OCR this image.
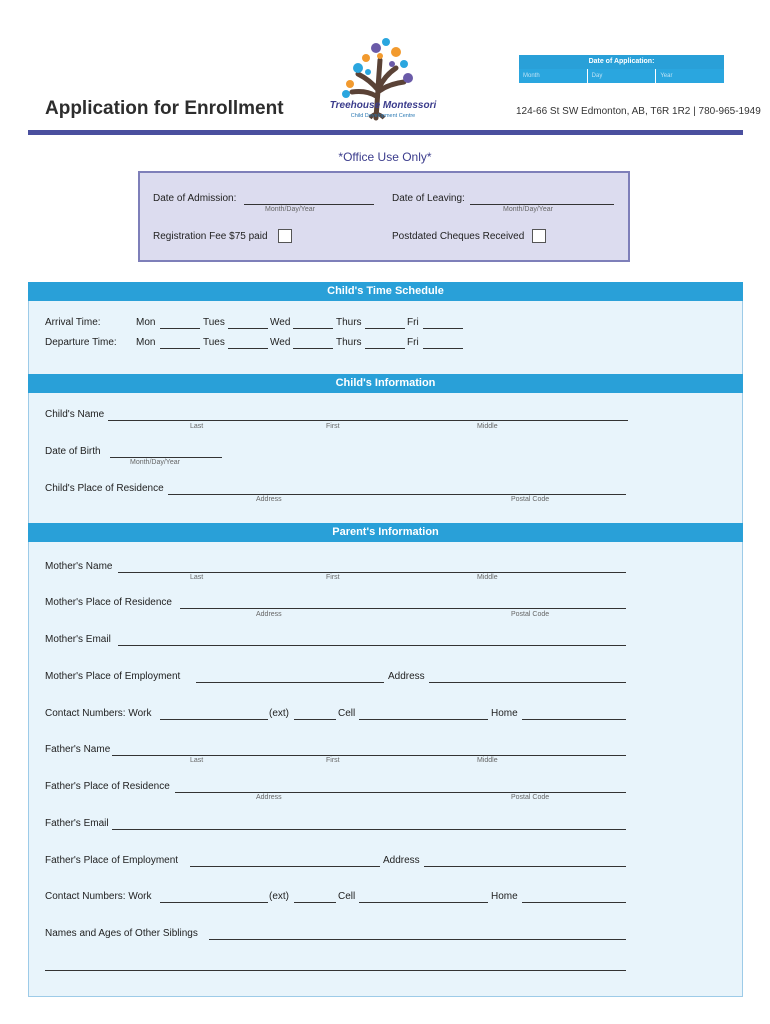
Application for Enrollment	Treehouse Montessori
Child Development Centre
Date of Application:
Month	Day	Year
124-66 St SW Edmonton, AB, T6R 1R2 | 780-965-1949
*Office Use Only*
Date of Admission:
Month/Day/Year
Date of Leaving:
Month/Day/Year
Registration Fee $75 paid	Postdated Cheques Received
Child's Time Schedule
Arrival Time:	Mon	Tues	Wed	Thurs	Fri
Departure Time: Mon	Tues	Wed	Thurs	Fri
Child's Information
Child's Name
Last	First	Middle
Date of Birth
Month/Day/Year
Child's Place of Residence
Address	Postal Code
Parent's Information
Mother's Name
Last	First	Middle
Mother's Place of Residence
Address	Postal Code
Mother's Email
Mother's Place of Employment	Address
Contact Numbers: Work	(ext)	Cell	Home
Father's Name
Last	First	Middle
Father's Place of Residence
Address	Postal Code
Father's Email
Father's Place of Employment	Address
Contact Numbers: Work	(ext)	Cell	Home
Names and Ages of Other Siblings
